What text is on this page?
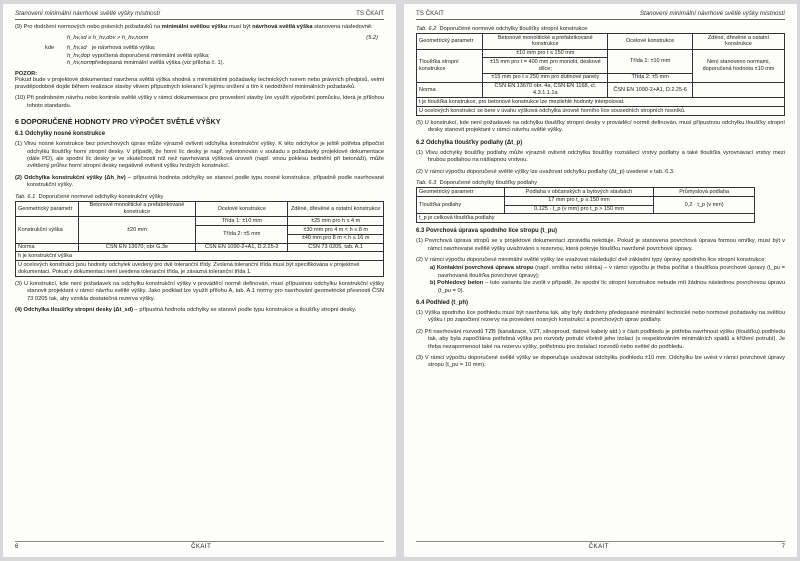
Stanovení minimální návrhové světlé výšky místností	TS ČKAIT

(9) Pro dodržení normových nebo právních požadavků na minimální světlou výšku musí být návrhová světlá výška stanovena následovně:

h_hv,sd ≥ h_hv,dov > h_hv,norm	(5.2)
kde h_hv,sd je návrhová světlá výška;
h_hv,dop vypočtená doporučená minimální světlá výška;
h_hv,normpředepsaná minimální světlá výška (viz příloha č. 1).
POZOR:

Pokud bude v projektové dokumentaci navržena světlá výška shodná s minimálními požadavky technických norem nebo právních předpisů, velmi pravděpodobně dojde během realizace stavby vlivem přípustných tolerancí k jejímu snížení a tím k nedodržení minimálních požadavků.

(10) Při podrobném návrhu nebo kontrole světlé výšky v rámci dokumentace pro provedení stavby lze využít výpočetní pomůcku, která je přílohou tohoto standardu.

6 DOPORUČENÉ HODNOTY PRO VÝPOČET SVĚTLÉ VÝŠKY
6.1 Odchylky nosné konstrukce

(1) Vlivu nosné konstrukce bez povrchových úprav může výrazně ovlivnit odchylka konstrukční výšky. K této odchylce je ještě potřeba připočíst odchylku tloušťky horní stropní desky. V případě, že horní líc desky je např. vybetonován v souladu s požadavky projektové dokumentace (dále PD), ale spodní líc desky je ve skutečnosti níž než navrhovaná výšková úroveň (např. vinou poklesu bednění při betonáži), může zvětšený průřez horní stropní desky negativně ovlivnit výšku hrubých konstrukcí.

(2) Odchylka konstrukční výšky (Δh_hv) – přípustná hodnota odchylky se stanoví podle typu nosné konstrukce, případně podle navrhované konstrukční výšky.

Tab. 6.1 Doporučené normové odchylky konstrukční výšky
Geometrický parametr	Betonové monolitické a prefabrikované konstrukce	Ocelové konstrukce	Zděné, dřevěné a ostatní konstrukce
Konstrukční výška	±20 mm	Třída 1: ±10 mm	±25 mm pro h ≤ 4 m
		Třída 2: ±5 mm	±30 mm pro 4 m < h ≤ 8 m
			±40 mm pro 8 m < h ≤ 16 m
Norma	ČSN EN 13670, obr G.3e	ČSN EN 1090-2+A1, D.2.25-2	ČSN 73 0205, tab. A.1
h je konstrukční výška			
U ocelových konstrukcí jsou hodnoty odchylek uvedeny pro dvě toleranční třídy. Zvolená toleranční třída musí být specifikována v projektové dokumentaci. Pokud v dokumentaci není uvedena toleranční třída, je závazná toleranční třída 1.			

(3) U konstrukcí, kde není požadavek na odchylku konstrukční výšky v prováděcí normě definován, musí přípustnou odchylku konstrukční výšky stanovit projektant v rámci návrhu světlé výšky. Jako podklad lze využít přílohu A, tab. A.1 normy pro navrhování geometrické přesnosti ČSN 73 0205 tak, aby vznikla dostatečná rezerva výšky.

(4) Odchylka tloušťky stropní desky (Δt_sd) – přípustná hodnota odchylky se stanoví podle typu konstrukce a tloušťky stropní desky.

6	ČKAIT
TS ČKAIT	Stanovení minimální návrhové světlé výšky místností
Tab. 6.2 Doporučené normové odchylky tloušťky stropní konstrukce
Geometrický parametr	Betonové monolitické a prefabrikované konstrukce	Ocelové konstrukce	Zděné, dřevěné a ostatní konstrukce
Tloušťka stropní konstrukce	±10 mm pro t ≤ 150 mm	Třída 1: ±10 mm	Není stanoveno normami, doporučená hodnota ±10 mm
	±15 mm pro t = 400 mm pro monolit, deskové dílce;		
	±15 mm pro t ≥ 250 mm pro dutinové panely	Třída 2: ±5 mm	
Norma	ČSN EN 13670 obr. 4a, ČSN EN 1168, cl. 4.3.1.1.1a	ČSN EN 1090-2+A1, D.2.25-6	
t je tloušťka konstrukce, pro betonové konstrukce lze mezilehlé hodnoty interpolovat.			
U ocelových konstrukcí se bere v úvahu výšková odchylka úrovně horního líce sousedních stropních nosníků.			

(5) U konstrukcí, kde není požadavek na odchylku tloušťky stropní desky v prováděcí normě definován, musí přípustnou odchylku tloušťky stropní desky stanovit projektant v rámci návrhu světlé výšky.

6.2 Odchylka tloušťky podlahy (Δt_p)

(1) Vlivu odchylky tloušťky podlahy může výrazně ovlivnit odchylka tloušťky roznášecí vrstvy podlahy a také tloušťka vyrovnávací vrstvy mezi hrubou podlahou na nášlapnou vrstvou.

(2) V rámci výpočtu doporučené světlé výšky lze uvažovat odchylku podlahy (Δt_p) uvedené v tab. 6.3.

Tab. 6.3 Doporučené odchylky tloušťky podlahy
Geometrický parametr	Podlaha v občanských a bytových stavbách	Průmyslová podlaha
Tloušťka podlahy	17 mm pro t_p ≤ 150 mm	0,2 · t_p (v mm)
	0,125 · t_p (v mm) pro t_p > 150 mm	
t_p je celková tloušťka podlahy		
6.3 Povrchová úprava spodního líce stropu (t_pu)

(1) Povrchová úprava stropů se v projektové dokumentaci zpravidla nekótuje. Pokud je stanovena povrchová úprava formou omítky, musí být v rámci navrhované světlé výšky uvažováno s rezervou, která pokryje tloušťku navržené povrchové úpravy.

(2) V rámci výpočtu doporučené minimální světlé výšky lze uvažovat následující dvě základní typy úpravy spodního líce stropní konstrukce:

a) Kontaktní povrchová úprava stropu (např. omítka nebo stěrka) – v rámci výpočtu je třeba počítat s tloušťkou povrchové úpravy (t_pu = navrhovaná tloušťka povrchové úpravy);

b) Pohledový beton – tuto variantu lze zvolit v případě, že spodní líc stropní konstrukce nebude mít žádnou následnou povrchovou úpravu (t_pu = 0).

6.4 Podhled (t_ph)

(1) Výška spodního líce podhledu musí být navržena tak, aby byly dodrženy předepsané minimální technické nebo normové požadavky na světlou výšku i po započtení rezervy na provedení nosných konstrukcí a povrchových úprav podlahy.

(2) Při navrhování rozvodů TZB (kanalizace, VZT, silnoproud, datové kabely atd.) v části podhledu je potřeba navrhnout výšku (tloušťku) podhledu tak, aby byla započítána potřebná výška pro rozvody potrubí včetně jeho izolací (s respektováním minimálních spádů a křížení potrubí). Je třeba nezapomenout také na rezervu výšky, potřebnou pro instalaci rozvodů nebo světel do podhledu.

(3) V rámci výpočtu doporučené světlé výšky se doporučuje uvažovat odchylku podhledu ±10 mm. Odchylku lze uvést v rámci povrchové úpravy stropu (t_pu = 10 mm).

ČKAIT	7
